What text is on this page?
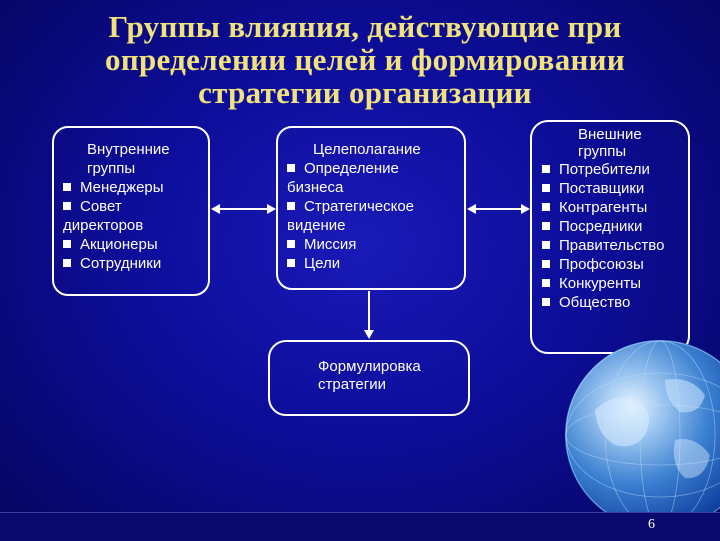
Группы влияния, действующие при определении целей и формировании стратегии организации
Внутренние группы
Менеджеры
Совет директоров
Акционеры
Сотрудники
Целеполагание
Определение бизнеса
Стратегическое видение
Миссия
Цели
Внешние группы
Потребители
Поставщики
Контрагенты
Посредники
Правительство
Профсоюзы
Конкуренты
Общество
Формулировка стратегии
6
